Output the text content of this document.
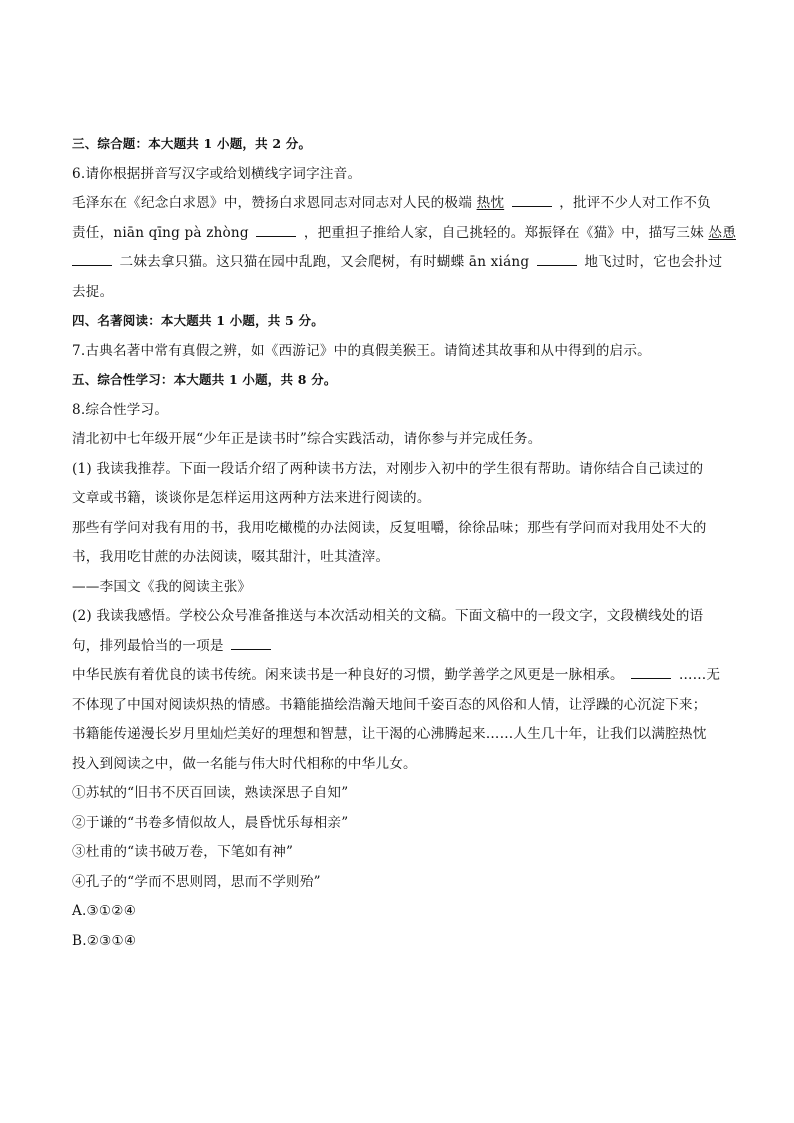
三、综合题：本大题共 1 小题，共 2 分。
6.请你根据拼音写汉字或给划横线字词字注音。
毛泽东在《纪念白求恩》中，赞扬白求恩同志对同志对人民的极端 热忱	，批评不少人对工作不负
责任，niān qīng pà zhòng	，把重担子推给人家，自己挑轻的。郑振铎在《猫》中，描写三妹 怂恿
二妹去拿只猫。这只猫在园中乱跑，又会爬树，有时蝴蝶 ān xiáng	地飞过时，它也会扑过
去捉。
四、名著阅读：本大题共 1 小题，共 5 分。
7.古典名著中常有真假之辨，如《西游记》中的真假美猴王。请简述其故事和从中得到的启示。
五、综合性学习：本大题共 1 小题，共 8 分。
8.综合性学习。
清北初中七年级开展“少年正是读书时”综合实践活动，请你参与并完成任务。
(1) 我读我推荐。下面一段话介绍了两种读书方法，对刚步入初中的学生很有帮助。请你结合自己读过的
文章或书籍，谈谈你是怎样运用这两种方法来进行阅读的。
那些有学问对我有用的书，我用吃橄榄的办法阅读，反复咀嚼，徐徐品味；那些有学问而对我用处不大的
书，我用吃甘蔗的办法阅读，啜其甜汁，吐其渣滓。
——李国文《我的阅读主张》
(2) 我读我感悟。学校公众号准备推送与本次活动相关的文稿。下面文稿中的一段文字，文段横线处的语
句，排列最恰当的一项是
中华民族有着优良的读书传统。闲来读书是一种良好的习惯，勤学善学之风更是一脉相承。	……无
不体现了中国对阅读炽热的情感。书籍能描绘浩瀚天地间千姿百态的风俗和人情，让浮躁的心沉淀下来；
书籍能传递漫长岁月里灿烂美好的理想和智慧，让干渴的心沸腾起来……人生几十年，让我们以满腔热忱
投入到阅读之中，做一名能与伟大时代相称的中华儿女。
①苏轼的“旧书不厌百回读，熟读深思子自知”
②于谦的“书卷多情似故人，晨昏忧乐每相亲”
③杜甫的“读书破万卷，下笔如有神”
④孔子的“学而不思则罔，思而不学则殆”
A.③①②④
B.②③①④
